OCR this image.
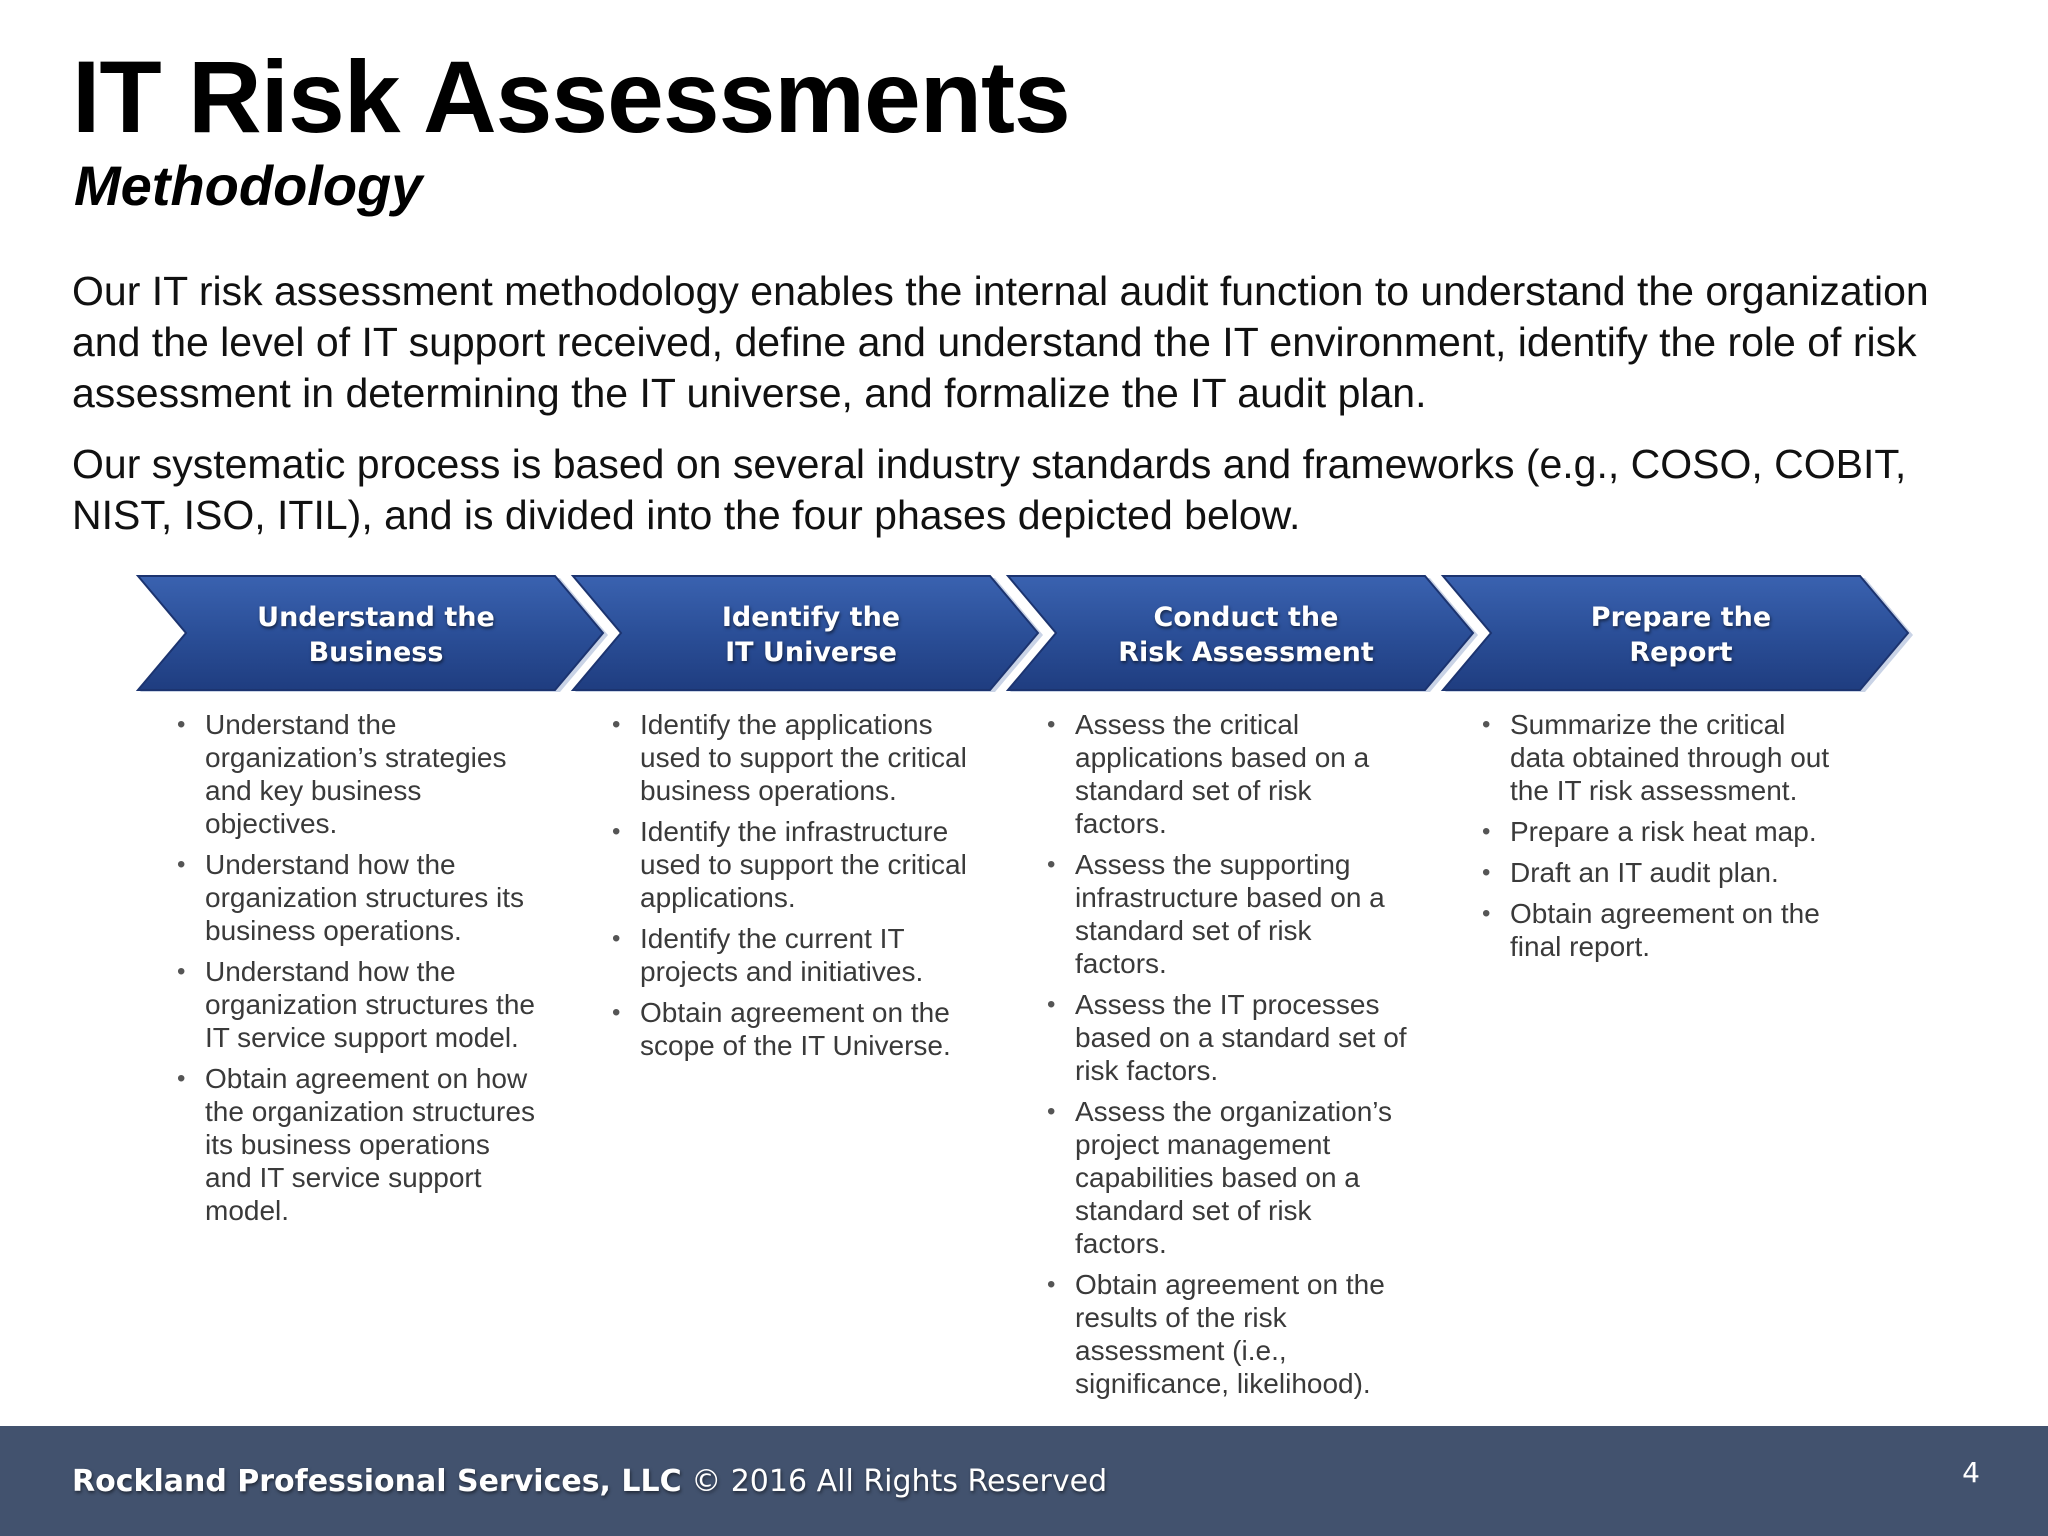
IT Risk Assessments
Methodology

Our IT risk assessment methodology enables the internal audit function to understand the organization and the level of IT support received, define and understand the IT environment, identify the role of risk assessment in determining the IT universe, and formalize the IT audit plan.

Our systematic process is based on several industry standards and frameworks (e.g., COSO, COBIT, NIST, ISO, ITIL), and is divided into the four phases depicted below.

Understand the
Business
Identify the
IT Universe
Conduct the
Risk Assessment
Prepare the
Report
• Understand the organization’s strategies and key business objectives.
• Understand how the organization structures its business operations.
• Understand how the organization structures the IT service support model.
• Obtain agreement on how the organization structures its business operations and IT service support model.
• Identify the applications used to support the critical business operations.
• Identify the infrastructure used to support the critical applications.
• Identify the current IT projects and initiatives.
• Obtain agreement on the scope of the IT Universe.
• Assess the critical applications based on a standard set of risk factors.
• Assess the supporting infrastructure based on a standard set of risk factors.
• Assess the IT processes based on a standard set of risk factors.
• Assess the organization’s project management capabilities based on a standard set of risk factors.
• Obtain agreement on the results of the risk assessment (i.e., significance, likelihood).
• Summarize the critical data obtained through out the IT risk assessment.
• Prepare a risk heat map.
• Draft an IT audit plan.
• Obtain agreement on the final report.
Rockland Professional Services, LLC © 2016 All Rights Reserved	4
